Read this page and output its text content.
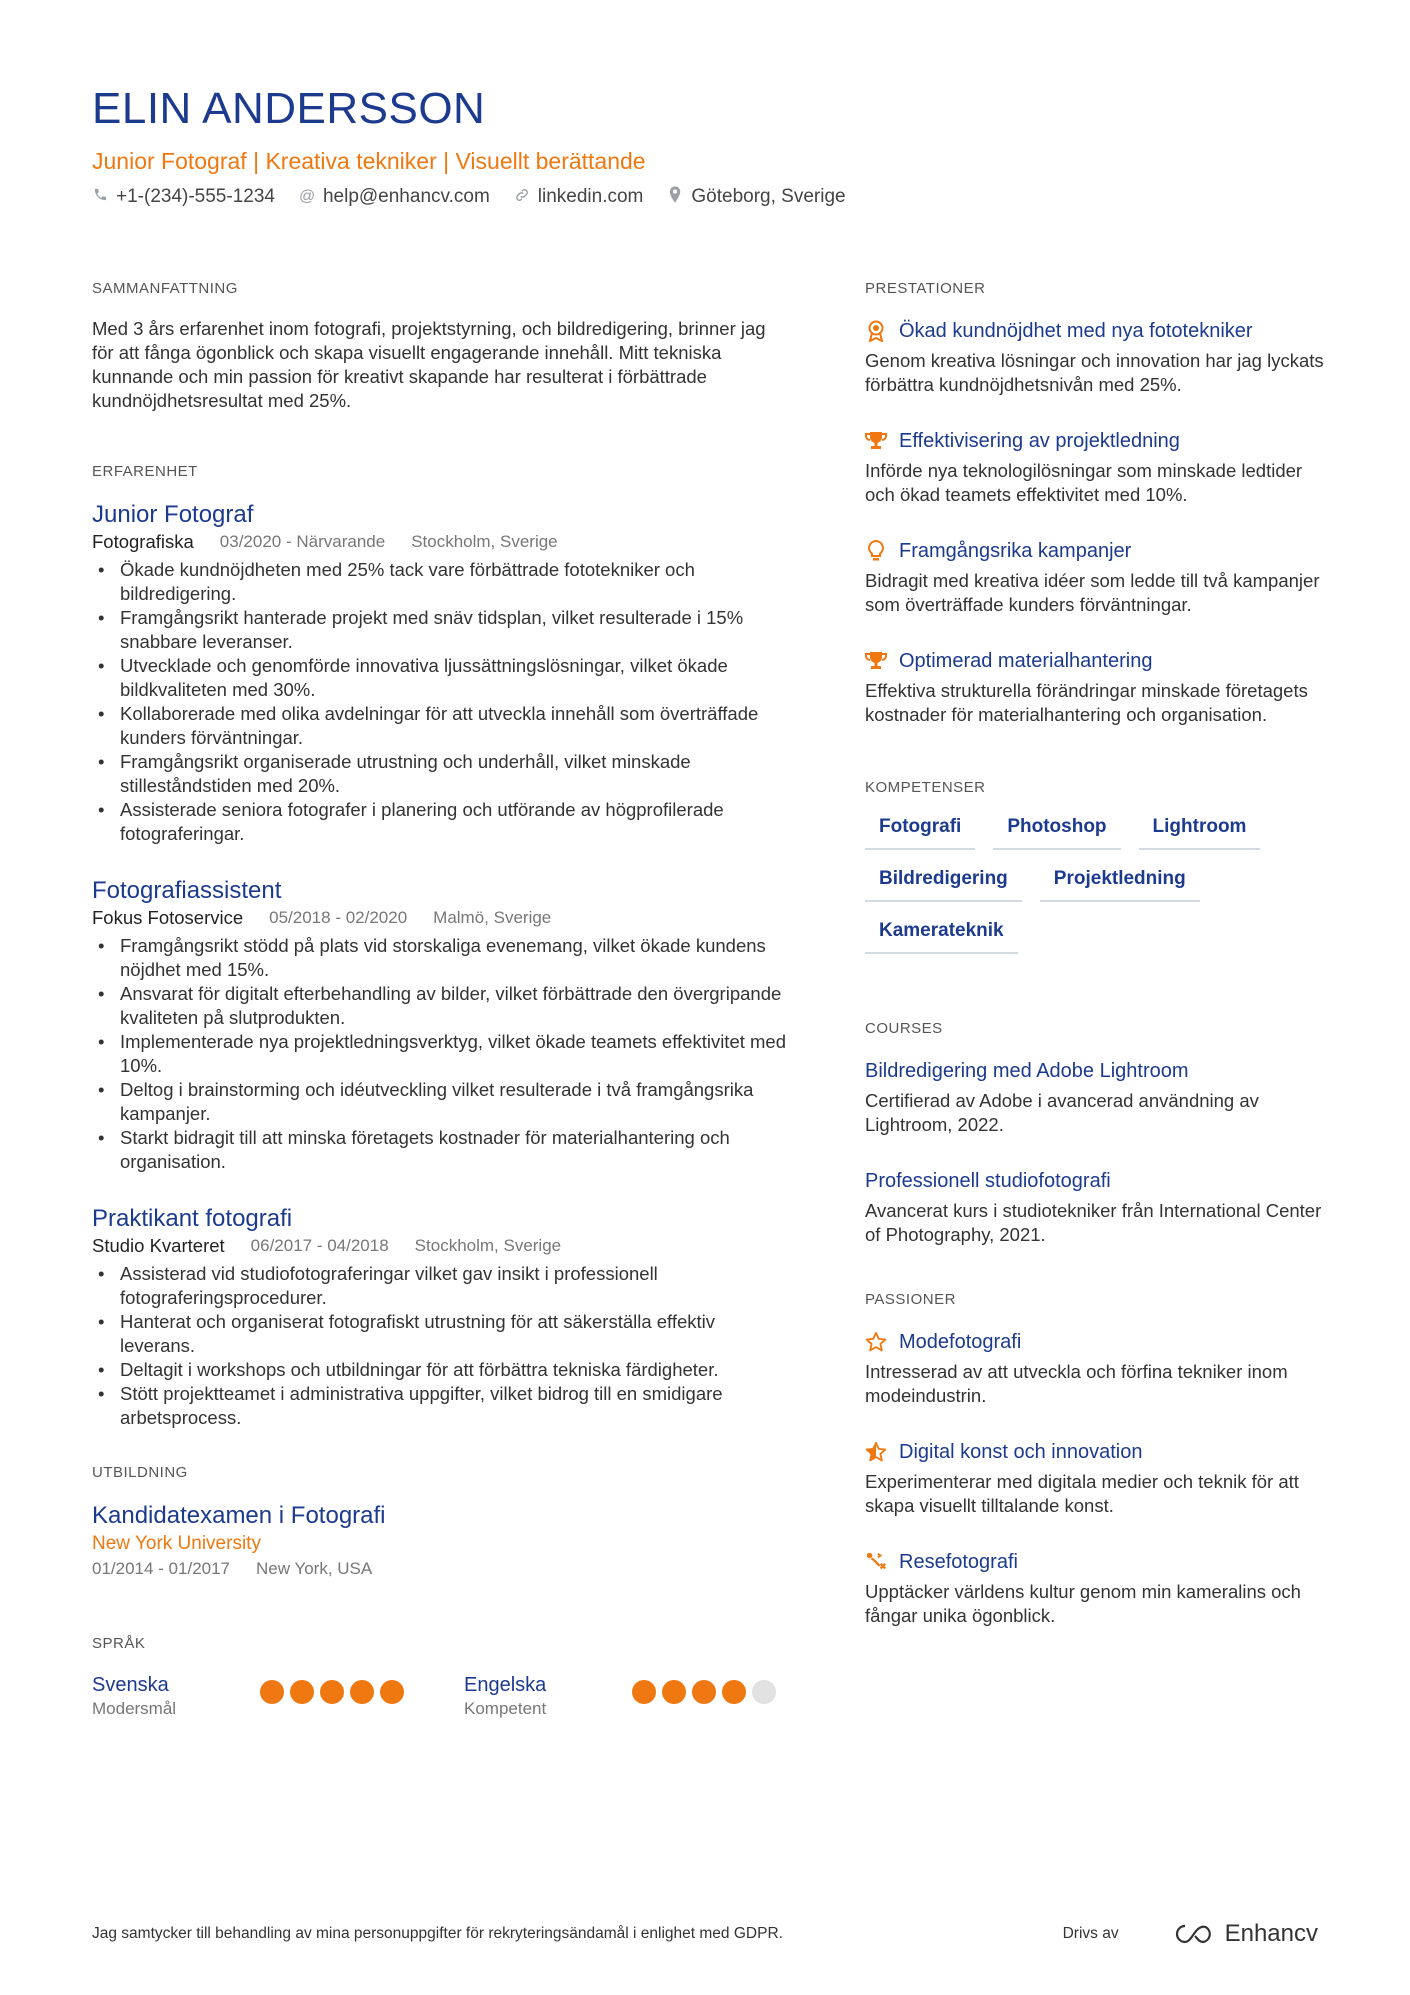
ELIN ANDERSSON
Junior Fotograf | Kreativa tekniker | Visuellt berättande
+1-(234)-555-1234 @ help@enhancv.com	linkedin.com	Göteborg, Sverige
SAMMANFATTNING

Med 3 års erfarenhet inom fotografi, projektstyrning, och bildredigering, brinner jag för att fånga ögonblick och skapa visuellt engagerande innehåll. Mitt tekniska kunnande och min passion för kreativt skapande har resulterat i förbättrade kundnöjdhetsresultat med 25%.

ERFARENHET
Junior Fotograf
Fotografiska 03/2020 - Närvarande Stockholm, Sverige
• Ökade kundnöjdheten med 25% tack vare förbättrade fototekniker och bildredigering.
• Framgångsrikt hanterade projekt med snäv tidsplan, vilket resulterade i 15% snabbare leveranser.
• Utvecklade och genomförde innovativa ljussättningslösningar, vilket ökade bildkvaliteten med 30%.
• Kollaborerade med olika avdelningar för att utveckla innehåll som överträffade kunders förväntningar.
• Framgångsrikt organiserade utrustning och underhåll, vilket minskade stilleståndstiden med 20%.
• Assisterade seniora fotografer i planering och utförande av högprofilerade fotograferingar.
Fotografiassistent
Fokus Fotoservice 05/2018 - 02/2020 Malmö, Sverige
• Framgångsrikt stödd på plats vid storskaliga evenemang, vilket ökade kundens nöjdhet med 15%.
• Ansvarat för digitalt efterbehandling av bilder, vilket förbättrade den övergripande kvaliteten på slutprodukten.
• Implementerade nya projektledningsverktyg, vilket ökade teamets effektivitet med 10%.
• Deltog i brainstorming och idéutveckling vilket resulterade i två framgångsrika kampanjer.
• Starkt bidragit till att minska företagets kostnader för materialhantering och organisation.
Praktikant fotografi
Studio Kvarteret 06/2017 - 04/2018 Stockholm, Sverige
• Assisterad vid studiofotograferingar vilket gav insikt i professionell fotograferingsprocedurer.
• Hanterat och organiserat fotografiskt utrustning för att säkerställa effektiv leverans.
• Deltagit i workshops och utbildningar för att förbättra tekniska färdigheter.
• Stött projektteamet i administrativa uppgifter, vilket bidrog till en smidigare arbetsprocess.
UTBILDNING
Kandidatexamen i Fotografi
New York University
01/2014 - 01/2017 New York, USA
SPRÅK
Svenska
Modersmål
Engelska
Kompetent
PRESTATIONER
Ökad kundnöjdhet med nya fototekniker
Genom kreativa lösningar och innovation har jag lyckats förbättra kundnöjdhetsnivån med 25%.
Effektivisering av projektledning
Införde nya teknologilösningar som minskade ledtider och ökad teamets effektivitet med 10%.
Framgångsrika kampanjer
Bidragit med kreativa idéer som ledde till två kampanjer som överträffade kunders förväntningar.
Optimerad materialhantering
Effektiva strukturella förändringar minskade företagets kostnader för materialhantering och organisation.
KOMPETENSER
Fotografi	Photoshop	Lightroom
Bildredigering	Projektledning
Kamerateknik
COURSES
Bildredigering med Adobe Lightroom
Certifierad av Adobe i avancerad användning av Lightroom, 2022.
Professionell studiofotografi
Avancerat kurs i studiotekniker från International Center of Photography, 2021.
PASSIONER
Modefotografi
Intresserad av att utveckla och förfina tekniker inom modeindustrin.
Digital konst och innovation
Experimenterar med digitala medier och teknik för att skapa visuellt tilltalande konst.
Resefotografi
Upptäcker världens kultur genom min kameralins och fångar unika ögonblick.
Jag samtycker till behandling av mina personuppgifter för rekryteringsändamål i enlighet med GDPR.	Drivs av	Enhancv
